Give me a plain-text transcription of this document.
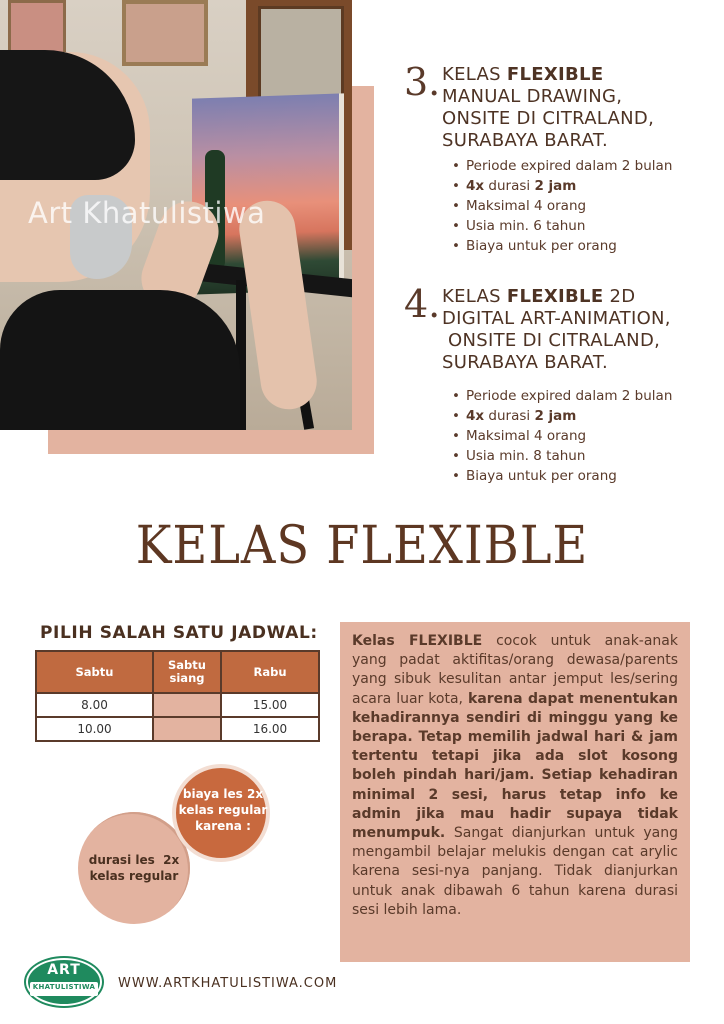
Art Khatulistiwa
3. KELAS FLEXIBLE
MANUAL DRAWING,
ONSITE DI CITRALAND,
SURABAYA BARAT.
• Periode expired dalam 2 bulan
• 4x durasi 2 jam
• Maksimal 4 orang
• Usia min. 6 tahun
• Biaya untuk per orang
4. KELAS FLEXIBLE 2D
DIGITAL ART-ANIMATION,
ONSITE DI CITRALAND,
SURABAYA BARAT.
• Periode expired dalam 2 bulan
• 4x durasi 2 jam
• Maksimal 4 orang
• Usia min. 8 tahun
• Biaya untuk per orang
KELAS FLEXIBLE
PILIH SALAH SATU JADWAL:
Sabtu	Sabtu siang	Rabu
8.00		15.00
10.00		16.00
durasi les  2x kelas regular
biaya les 2x kelas regular karena :

Kelas FLEXIBLE cocok untuk anak-anak yang padat aktifitas/orang dewasa/parents yang sibuk kesulitan antar jemput les/sering acara luar kota, karena dapat menentukan kehadirannya sendiri di minggu yang ke berapa. Tetap memilih jadwal hari & jam tertentu tetapi jika ada slot kosong boleh pindah hari/jam. Setiap kehadiran minimal 2 sesi, harus tetap info ke admin jika mau hadir supaya tidak menumpuk. Sangat dianjurkan untuk yang mengambil belajar melukis dengan cat arylic karena sesi-nya panjang. Tidak dianjurkan untuk anak dibawah 6 tahun karena durasi sesi lebih lama.

ART
KHATULISTIWA WWW.ARTKHATULISTIWA.COM
